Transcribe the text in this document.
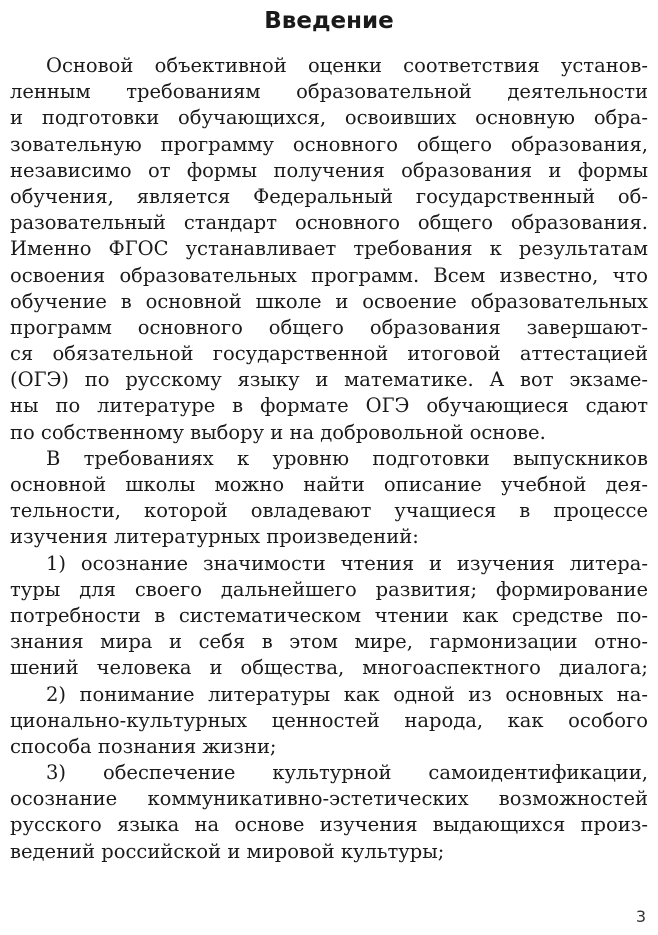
Введение
Основой объективной оценки соответствия установ-
ленным требованиям образовательной деятельности
и подготовки обучающихся, освоивших основную обра-
зовательную программу основного общего образования,
независимо от формы получения образования и формы
обучения, является Федеральный государственный об-
разовательный стандарт основного общего образования.
Именно ФГОС устанавливает требования к результатам
освоения образовательных программ. Всем известно, что
обучение в основной школе и освоение образовательных
программ основного общего образования завершают-
ся обязательной государственной итоговой аттестацией
(ОГЭ) по русскому языку и математике. А вот экзаме-
ны по литературе в формате ОГЭ обучающиеся сдают
по собственному выбору и на добровольной основе.
В требованиях к уровню подготовки выпускников
основной школы можно найти описание учебной дея-
тельности, которой овладевают учащиеся в процессе
изучения литературных произведений:
1) осознание значимости чтения и изучения литера-
туры для своего дальнейшего развития; формирование
потребности в систематическом чтении как средстве по-
знания мира и себя в этом мире, гармонизации отно-
шений человека и общества, многоаспектного диалога;
2) понимание литературы как одной из основных на-
ционально-культурных ценностей народа, как особого
способа познания жизни;
3) обеспечение культурной самоидентификации,
осознание коммуникативно-эстетических возможностей
русского языка на основе изучения выдающихся произ-
ведений российской и мировой культуры;
3
